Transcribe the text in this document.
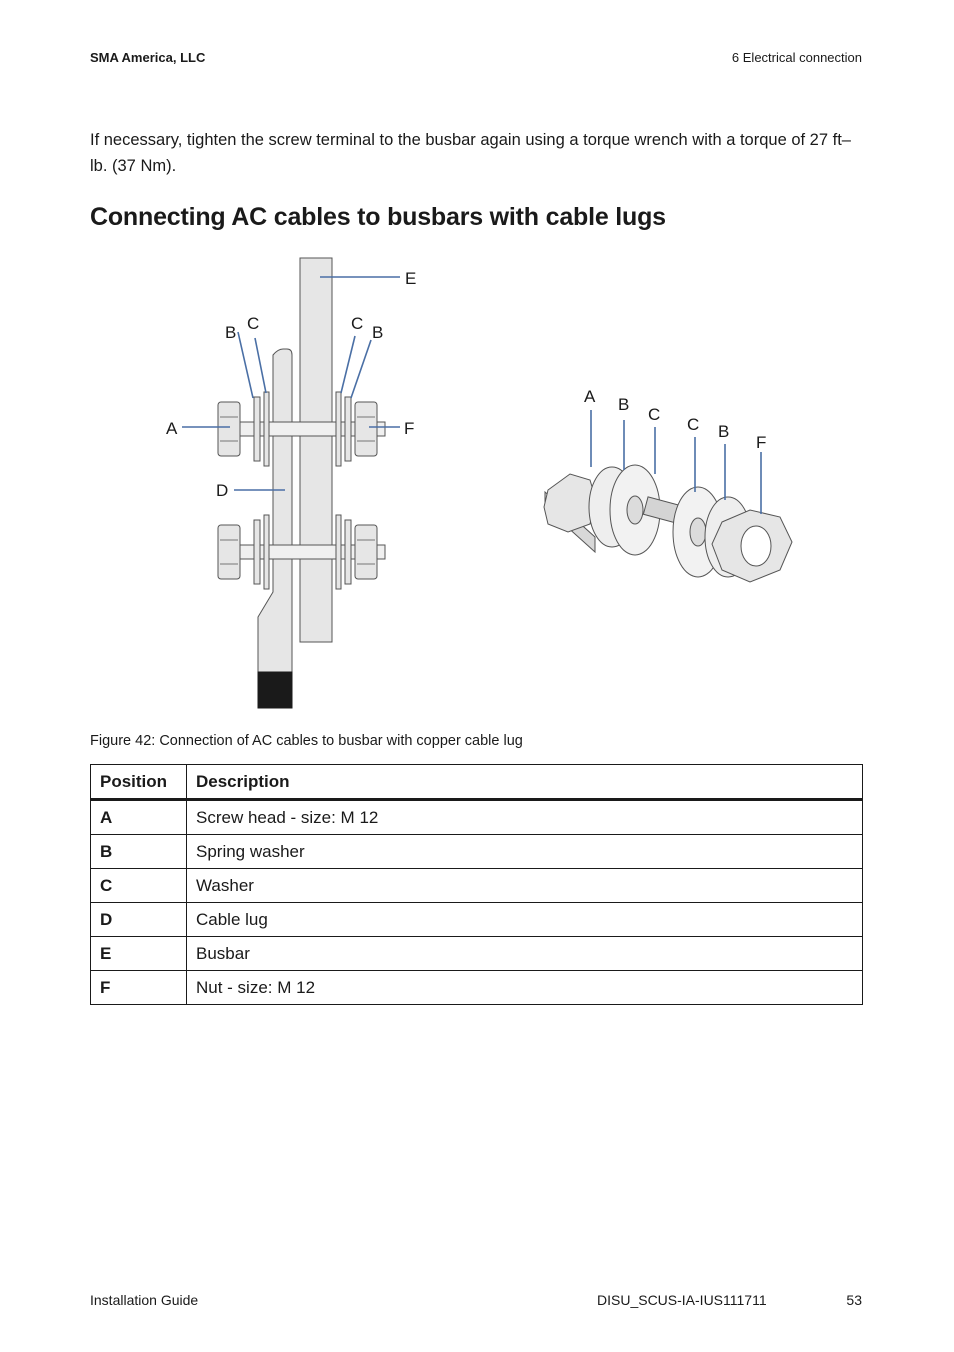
SMA America, LLC	6 Electrical connection
If necessary, tighten the screw terminal to the busbar again using a torque wrench with a torque of 27 ft–lb. (37 Nm).
Connecting AC cables to busbars with cable lugs
E
B C	C B
A	F
D
A B
C
C B
F
Figure 42: Connection of AC cables to busbar with copper cable lug
Position	Description
A	Screw head - size: M 12
B	Spring washer
C	Washer
D	Cable lug
E	Busbar
F	Nut - size: M 12
Installation Guide	DISU_SCUS-IA-IUS111711	53
